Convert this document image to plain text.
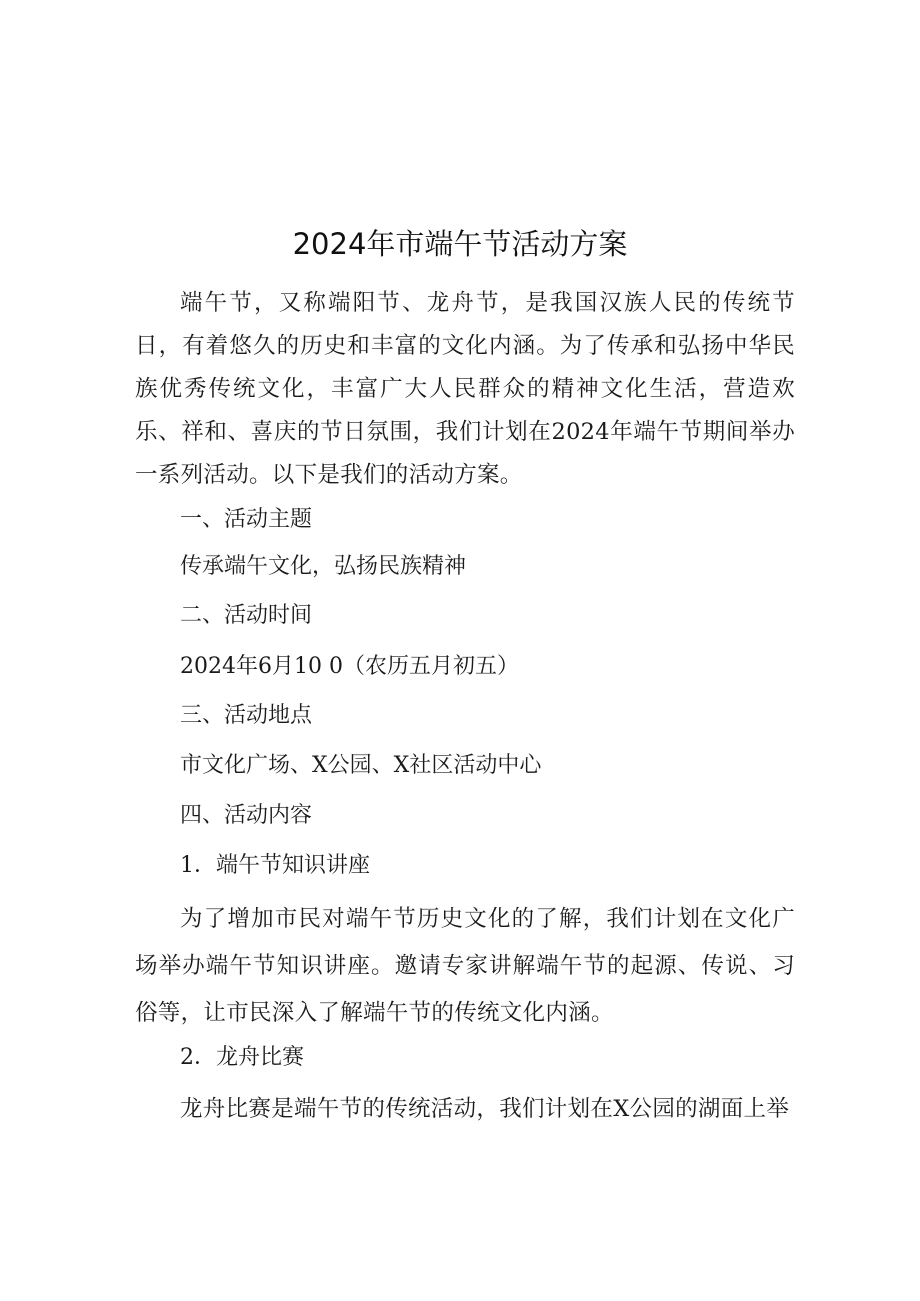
2024年市端午节活动方案

端午节，又称端阳节、龙舟节，是我国汉族人民的传统节日，有着悠久的历史和丰富的文化内涵。为了传承和弘扬中华民族优秀传统文化，丰富广大人民群众的精神文化生活，营造欢乐、祥和、喜庆的节日氛围，我们计划在2024年端午节期间举办一系列活动。以下是我们的活动方案。

一、活动主题

传承端午文化，弘扬民族精神

二、活动时间

2024年6月10 0（农历五月初五）

三、活动地点

市文化广场、X公园、X社区活动中心

四、活动内容

1．端午节知识讲座

为了增加市民对端午节历史文化的了解，我们计划在文化广场举办端午节知识讲座。邀请专家讲解端午节的起源、传说、习俗等，让市民深入了解端午节的传统文化内涵。

2．龙舟比赛

龙舟比赛是端午节的传统活动，我们计划在X公园的湖面上举
